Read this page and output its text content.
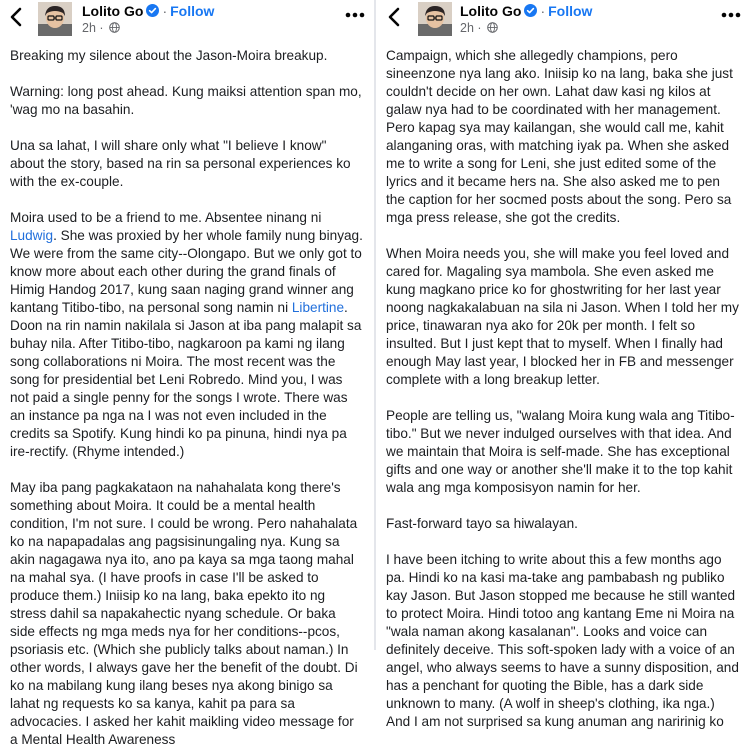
Lolito Go · Follow
2h ·

Breaking my silence about the Jason-Moira breakup.

Warning: long post ahead. Kung maiksi attention span mo, 'wag mo na basahin.

Una sa lahat, I will share only what "I believe I know" about the story, based na rin sa personal experiences ko with the ex-couple.

Moira used to be a friend to me. Absentee ninang ni Ludwig. She was proxied by her whole family nung binyag. We were from the same city--Olongapo. But we only got to know more about each other during the grand finals of Himig Handog 2017, kung saan naging grand winner ang kantang Titibo-tibo, na personal song namin ni Libertine. Doon na rin namin nakilala si Jason at iba pang malapit sa buhay nila. After Titibo-tibo, nagkaroon pa kami ng ilang song collaborations ni Moira. The most recent was the song for presidential bet Leni Robredo. Mind you, I was not paid a single penny for the songs I wrote. There was an instance pa nga na I was not even included in the credits sa Spotify. Kung hindi ko pa pinuna, hindi nya pa ire-rectify. (Rhyme intended.)

May iba pang pagkakataon na nahahalata kong there's something about Moira. It could be a mental health condition, I'm not sure. I could be wrong. Pero nahahalata ko na napapadalas ang pagsisinungaling nya. Kung sa akin nagagawa nya ito, ano pa kaya sa mga taong mahal na mahal sya. (I have proofs in case I'll be asked to produce them.) Iniisip ko na lang, baka epekto ito ng stress dahil sa napakahectic nyang schedule. Or baka side effects ng mga meds nya for her conditions--pcos, psoriasis etc. (Which she publicly talks about naman.) In other words, I always gave her the benefit of the doubt. Di ko na mabilang kung ilang beses nya akong binigo sa lahat ng requests ko sa kanya, kahit pa para sa advocacies. I asked her kahit maikling video message for a Mental Health Awareness

Lolito Go · Follow
2h ·

Campaign, which she allegedly champions, pero sineenzone nya lang ako. Iniisip ko na lang, baka she just couldn't decide on her own. Lahat daw kasi ng kilos at galaw nya had to be coordinated with her management. Pero kapag sya may kailangan, she would call me, kahit alanganing oras, with matching iyak pa. When she asked me to write a song for Leni, she just edited some of the lyrics and it became hers na. She also asked me to pen the caption for her socmed posts about the song. Pero sa mga press release, she got the credits.

When Moira needs you, she will make you feel loved and cared for. Magaling sya mambola. She even asked me kung magkano price ko for ghostwriting for her last year noong nagkakalabuan na sila ni Jason. When I told her my price, tinawaran nya ako for 20k per month. I felt so insulted. But I just kept that to myself. When I finally had enough May last year, I blocked her in FB and messenger complete with a long breakup letter.

People are telling us, "walang Moira kung wala ang Titibo-tibo." But we never indulged ourselves with that idea. And we maintain that Moira is self-made. She has exceptional gifts and one way or another she'll make it to the top kahit wala ang mga komposisyon namin for her.

Fast-forward tayo sa hiwalayan.

I have been itching to write about this a few months ago pa. Hindi ko na kasi ma-take ang pambabash ng publiko kay Jason. But Jason stopped me because he still wanted to protect Moira. Hindi totoo ang kantang Eme ni Moira na "wala naman akong kasalanan". Looks and voice can definitely deceive. This soft-spoken lady with a voice of an angel, who always seems to have a sunny disposition, and has a penchant for quoting the Bible, has a dark side unknown to many. (A wolf in sheep's clothing, ika nga.) And I am not surprised sa kung anuman ang naririnig ko
